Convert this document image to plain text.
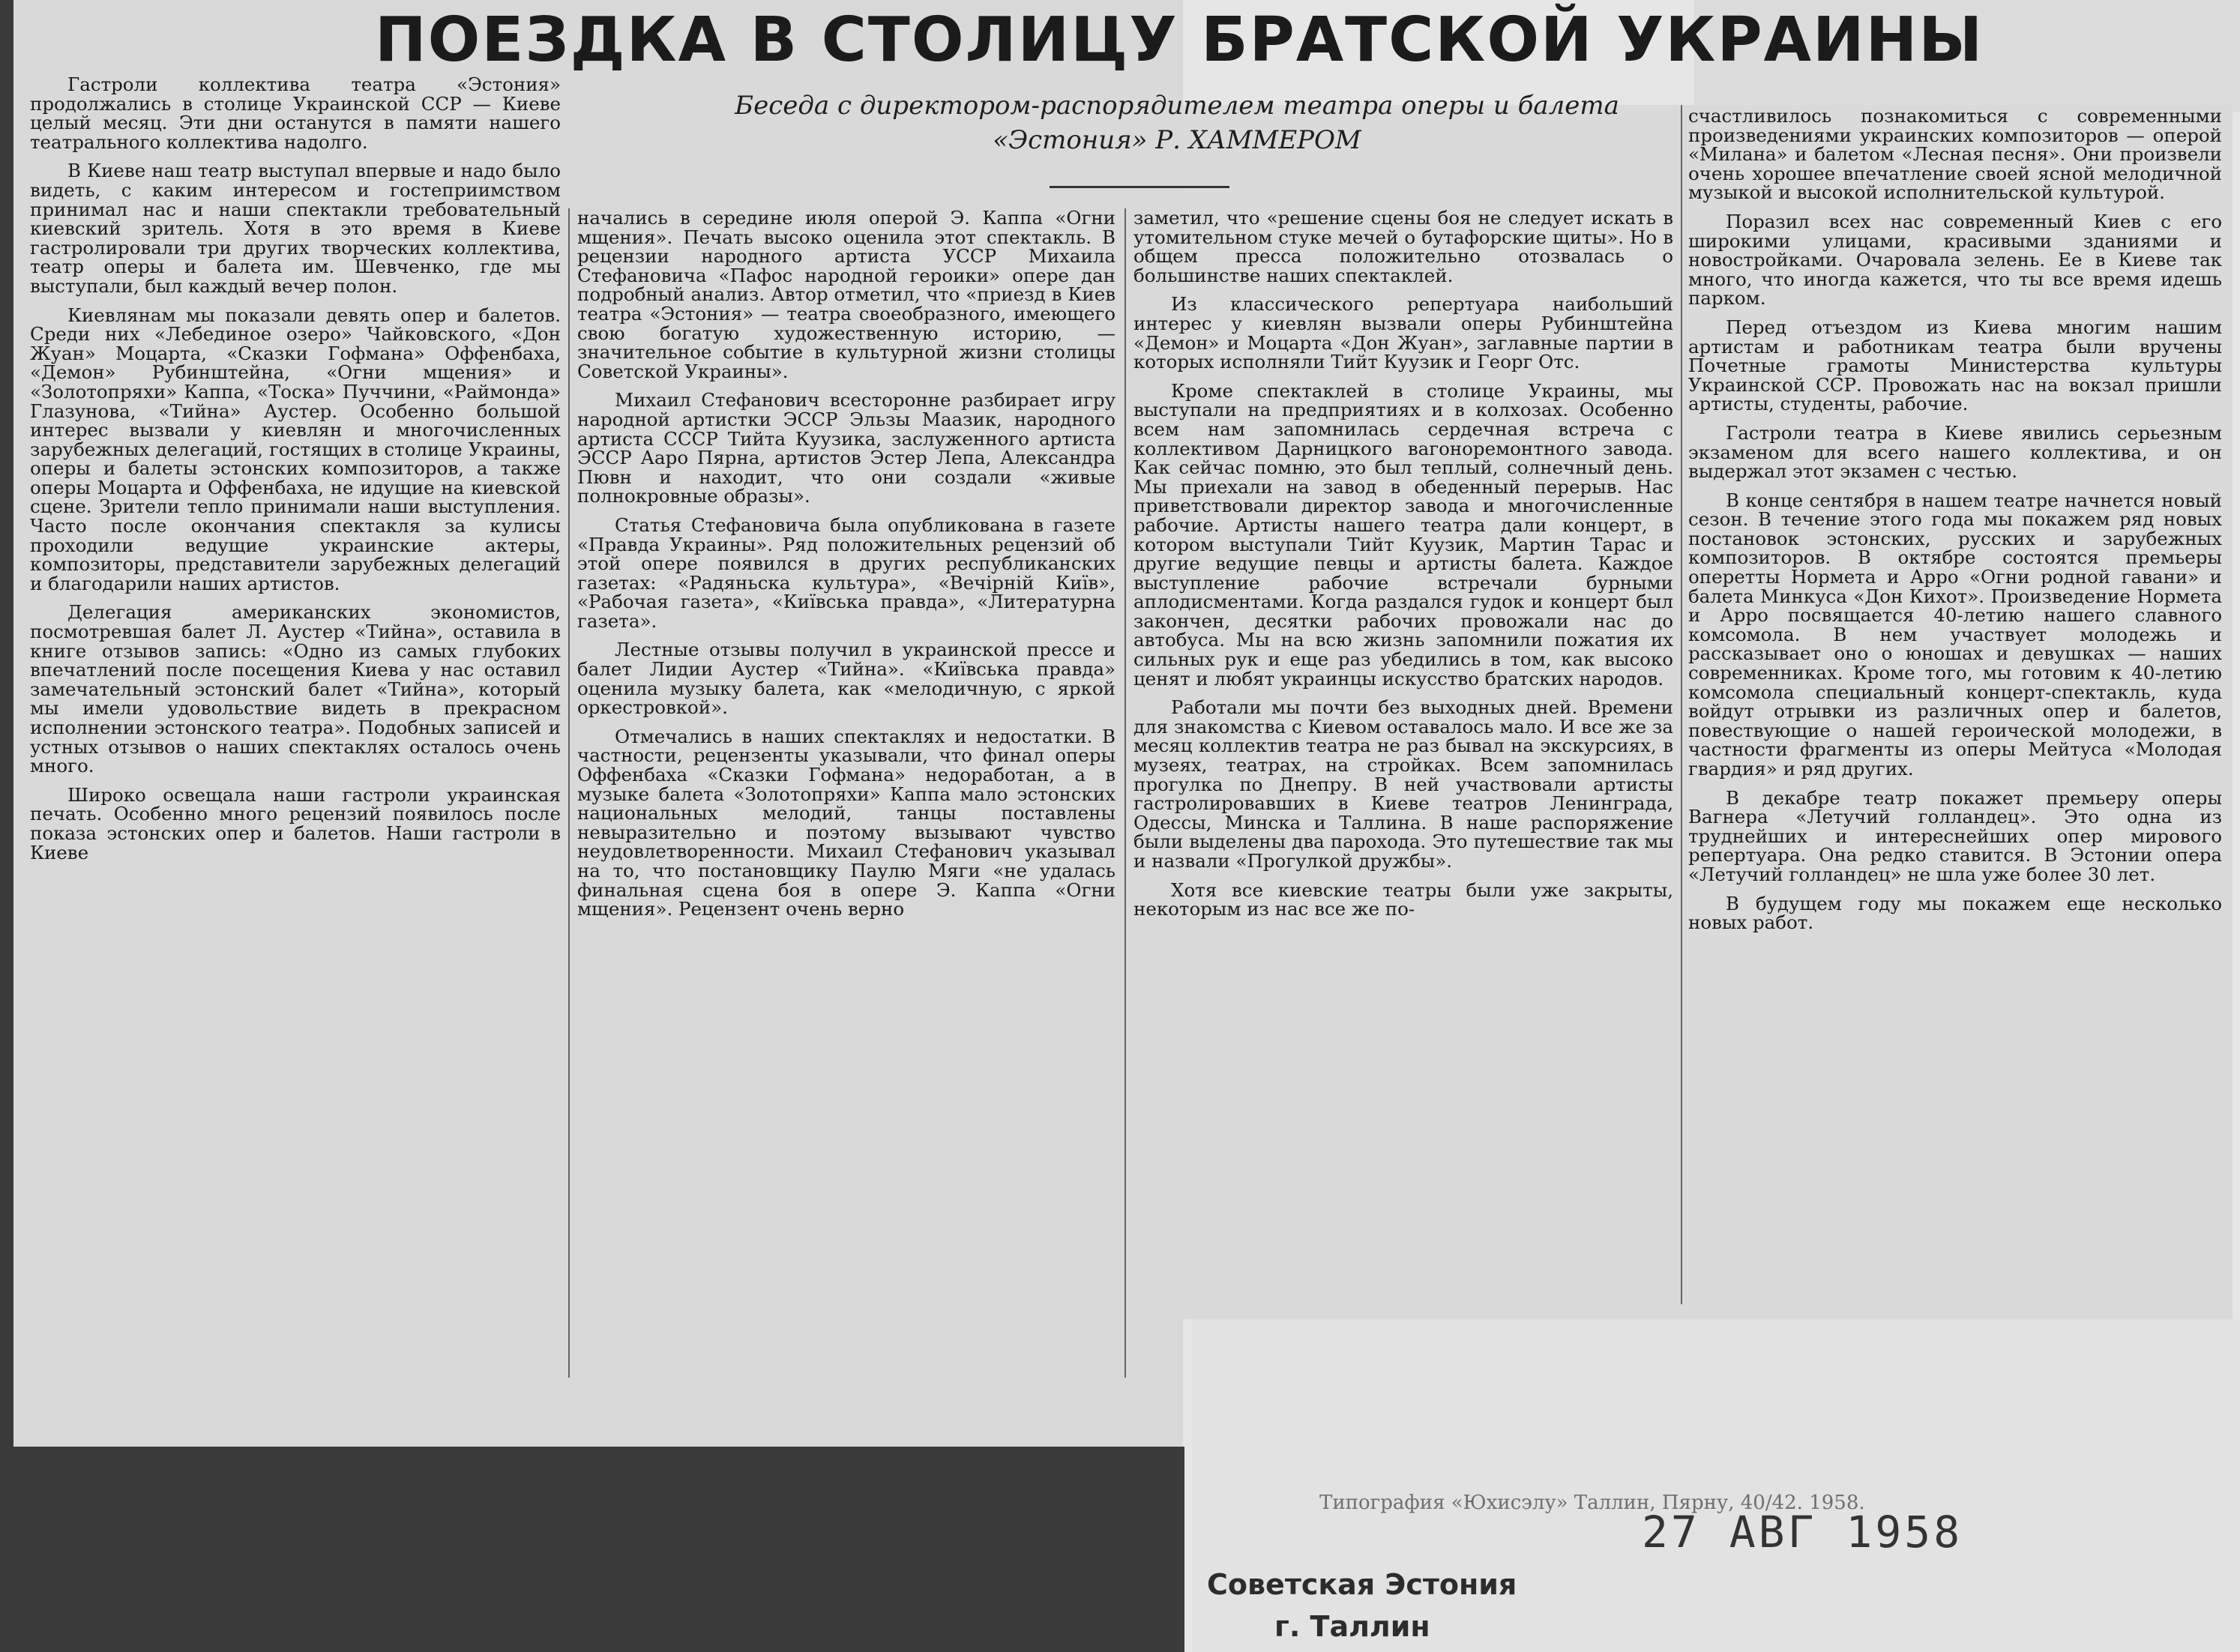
ПОЕЗДКА В СТОЛИЦУ БРАТСКОЙ УКРАИНЫ
Беседа с директором-распорядителем театра оперы и балета
«Эстония» Р. ХАММЕРОМ

Гастроли коллектива театра «Эстония» продолжались в столице Украинской ССР — Киеве целый месяц. Эти дни останутся в памяти нашего театрального коллектива надолго.

В Киеве наш театр выступал впервые и надо было видеть, с каким интересом и гостеприимством принимал нас и наши спектакли требовательный киевский зритель. Хотя в это время в Киеве гастролировали три других творческих коллектива, театр оперы и балета им. Шевченко, где мы выступали, был каждый вечер полон.

Киевлянам мы показали девять опер и балетов. Среди них «Лебединое озеро» Чайковского, «Дон Жуан» Моцарта, «Сказки Гофмана» Оффенбаха, «Демон» Рубинштейна, «Огни мщения» и «Золотопряхи» Каппа, «Тоска» Пуччини, «Раймонда» Глазунова, «Тийна» Аустер. Особенно большой интерес вызвали у киевлян и многочисленных зарубежных делегаций, гостящих в столице Украины, оперы и балеты эстонских композиторов, а также оперы Моцарта и Оффенбаха, не идущие на киевской сцене. Зрители тепло принимали наши выступления. Часто после окончания спектакля за кулисы проходили ведущие украинские актеры, композиторы, представители зарубежных делегаций и благодарили наших артистов.

Делегация американских экономистов, посмотревшая балет Л. Аустер «Тийна», оставила в книге отзывов запись: «Одно из самых глубоких впечатлений после посещения Киева у нас оставил замечательный эстонский балет «Тийна», который мы имели удовольствие видеть в прекрасном исполнении эстонского театра». Подобных записей и устных отзывов о наших спектаклях осталось очень много.

Широко освещала наши гастроли украинская печать. Особенно много рецензий появилось после показа эстонских опер и балетов. Наши гастроли в Киеве

начались в середине июля оперой Э. Каппа «Огни мщения». Печать высоко оценила этот спектакль. В рецензии народного артиста УССР Михаила Стефановича «Пафос народной героики» опере дан подробный анализ. Автор отметил, что «приезд в Киев театра «Эстония» — театра своеобразного, имеющего свою богатую художественную историю, — значительное событие в культурной жизни столицы Советской Украины».

Михаил Стефанович всесторонне разбирает игру народной артистки ЭССР Эльзы Маазик, народного артиста СССР Тийта Куузика, заслуженного артиста ЭССР Ааро Пярна, артистов Эстер Лепа, Александра Пювн и находит, что они создали «живые полнокровные образы».

Статья Стефановича была опубликована в газете «Правда Украины». Ряд положительных рецензий об этой опере появился в других республиканских газетах: «Радяньска культура», «Вечірній Київ», «Рабочая газета», «Київська правда», «Литературна газета».

Лестные отзывы получил в украинской прессе и балет Лидии Аустер «Тийна». «Київська правда» оценила музыку балета, как «мелодичную, с яркой оркестровкой».

Отмечались в наших спектаклях и недостатки. В частности, рецензенты указывали, что финал оперы Оффенбаха «Сказки Гофмана» недоработан, а в музыке балета «Золотопряхи» Каппа мало эстонских национальных мелодий, танцы поставлены невыразительно и поэтому вызывают чувство неудовлетворенности. Михаил Стефанович указывал на то, что постановщику Паулю Мяги «не удалась финальная сцена боя в опере Э. Каппа «Огни мщения». Рецензент очень верно

заметил, что «решение сцены боя не следует искать в утомительном стуке мечей о бутафорские щиты». Но в общем пресса положительно отозвалась о большинстве наших спектаклей.

Из классического репертуара наибольший интерес у киевлян вызвали оперы Рубинштейна «Демон» и Моцарта «Дон Жуан», заглавные партии в которых исполняли Тийт Куузик и Георг Отс.

Кроме спектаклей в столице Украины, мы выступали на предприятиях и в колхозах. Особенно всем нам запомнилась сердечная встреча с коллективом Дарницкого вагоноремонтного завода. Как сейчас помню, это был теплый, солнечный день. Мы приехали на завод в обеденный перерыв. Нас приветствовали директор завода и многочисленные рабочие. Артисты нашего театра дали концерт, в котором выступали Тийт Куузик, Мартин Тарас и другие ведущие певцы и артисты балета. Каждое выступление рабочие встречали бурными аплодисментами. Когда раздался гудок и концерт был закончен, десятки рабочих провожали нас до автобуса. Мы на всю жизнь запомнили пожатия их сильных рук и еще раз убедились в том, как высоко ценят и любят украинцы искусство братских народов.

Работали мы почти без выходных дней. Времени для знакомства с Киевом оставалось мало. И все же за месяц коллектив театра не раз бывал на экскурсиях, в музеях, театрах, на стройках. Всем запомнилась прогулка по Днепру. В ней участвовали артисты гастролировавших в Киеве театров Ленинграда, Одессы, Минска и Таллина. В наше распоряжение были выделены два парохода. Это путешествие так мы и назвали «Прогулкой дружбы».

Хотя все киевские театры были уже закрыты, некоторым из нас все же по-

счастливилось познакомиться с современными произведениями украинских композиторов — оперой «Милана» и балетом «Лесная песня». Они произвели очень хорошее впечатление своей ясной мелодичной музыкой и высокой исполнительской культурой.

Поразил всех нас современный Киев с его широкими улицами, красивыми зданиями и новостройками. Очаровала зелень. Ее в Киеве так много, что иногда кажется, что ты все время идешь парком.

Перед отъездом из Киева многим нашим артистам и работникам театра были вручены Почетные грамоты Министерства культуры Украинской ССР. Провожать нас на вокзал пришли артисты, студенты, рабочие.

Гастроли театра в Киеве явились серьезным экзаменом для всего нашего коллектива, и он выдержал этот экзамен с честью.

В конце сентября в нашем театре начнется новый сезон. В течение этого года мы покажем ряд новых постановок эстонских, русских и зарубежных композиторов. В октябре состоятся премьеры оперетты Нормета и Арро «Огни родной гавани» и балета Минкуса «Дон Кихот». Произведение Нормета и Арро посвящается 40-летию нашего славного комсомола. В нем участвует молодежь и рассказывает оно о юношах и девушках — наших современниках. Кроме того, мы готовим к 40-летию комсомола специальный концерт-спектакль, куда войдут отрывки из различных опер и балетов, повествующие о нашей героической молодежи, в частности фрагменты из оперы Мейтуса «Молодая гвардия» и ряд других.

В декабре театр покажет премьеру оперы Вагнера «Летучий голландец». Это одна из труднейших и интереснейших опер мирового репертуара. Она редко ставится. В Эстонии опера «Летучий голландец» не шла уже более 30 лет.

В будущем году мы покажем еще несколько новых работ.

Типография «Юхисэлу» Таллин, Пярну, 40/42. 1958.
27 АВГ 1958
Советская Эстония
г. Таллин
